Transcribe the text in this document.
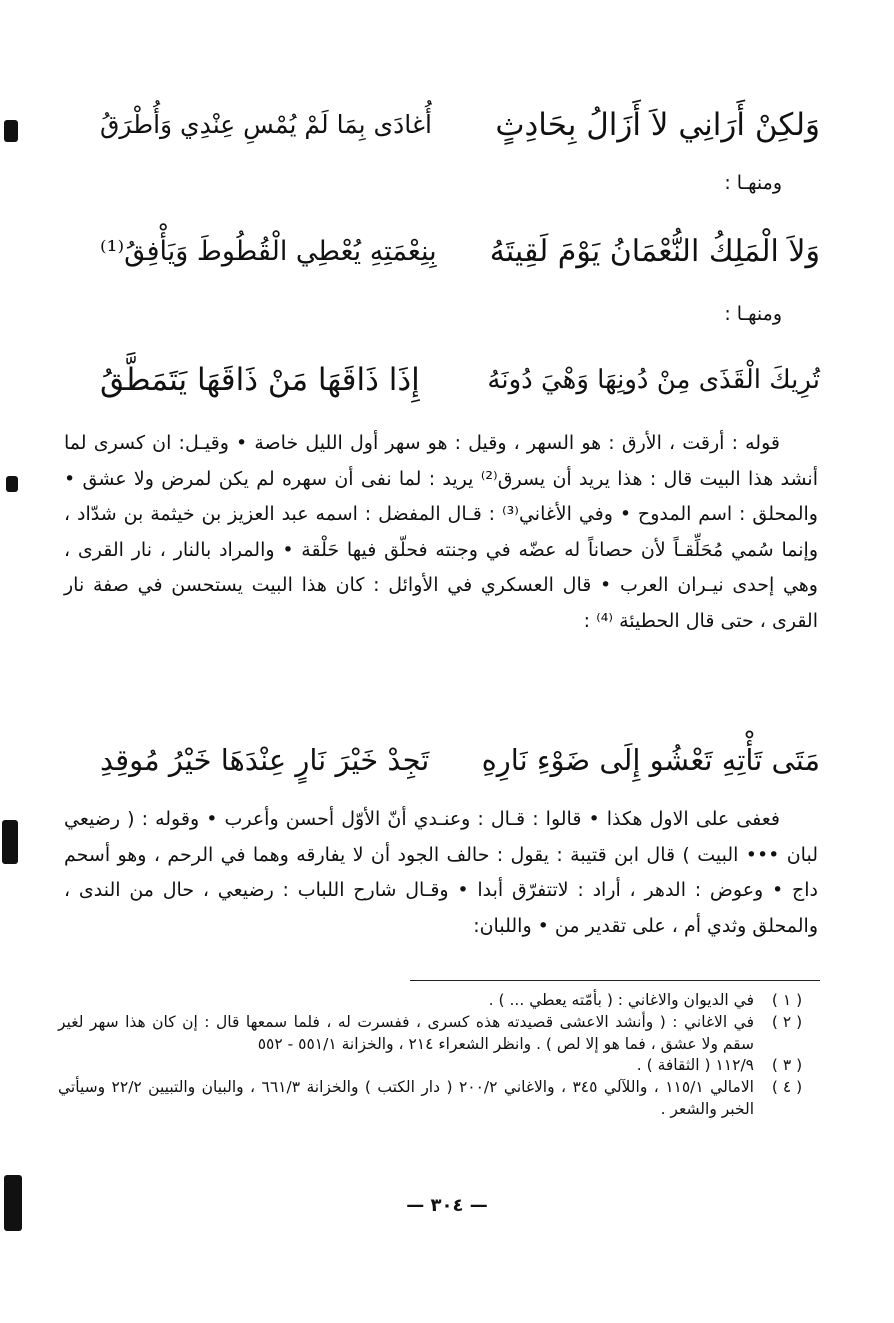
وَلكِنْ أَرَانِي لاَ أَزَالُ بِحَادِثٍ
أُغادَى بِمَا لَمْ يُمْسِ عِنْدِي وَأُطْرَقُ
ومنهـا :
وَلاَ الْمَلِكُ النُّعْمَانُ يَوْمَ لَقِيتَهُ
بِنِعْمَتِهِ يُعْطِي الْقُطُوطَ وَيَأْفِقُ⁽¹⁾
ومنهـا :
تُرِيكَ الْقَذَى مِنْ دُونِهَا وَهْيَ دُونَهُ
إِذَا ذَاقَهَا مَنْ ذَاقَهَا يَتَمَطَّقُ

قوله : أرقت ، الأرق : هو السهر ، وقيل : هو سهر أول الليل خاصة • وقيـل: ان كسرى لما أنشد هذا البيت قال : هذا يريد أن يسرق⁽²⁾ يريد : لما نفى أن سهره لم يكن لمرض ولا عشق • والمحلق : اسم المدوح • وفي الأغاني⁽³⁾ : قـال المفضل : اسمه عبد العزيز بن خيثمة بن شدّاد ، وإنما سُمي مُحَلِّقـاً لأن حصاناً له عضّه في وجنته فحلّق فيها حَلْقة • والمراد بالنار ، نار القرى ، وهي إحدى نيـران العرب • قال العسكري في الأوائل : كان هذا البيت يستحسن في صفة نار القرى ، حتى قال الحطيئة ⁽⁴⁾ :

مَتَى تَأْتِهِ تَعْشُو إِلَى ضَوْءِ نَارِهِ
تَجِدْ خَيْرَ نَارٍ عِنْدَهَا خَيْرُ مُوقِدِ

فعفى على الاول هكذا • قالوا : قـال : وعنـدي أنّ الأوّل أحسن وأعرب • وقوله : ( رضيعي لبان ••• البيت ) قال ابن قتيبة : يقول : حالف الجود أن لا يفارقه وهما في الرحم ، وهو أسحم داج • وعوض : الدهر ، أراد : لاتتفرّق أبدا • وقـال شارح اللباب : رضيعي ، حال من الندى ، والمحلق وثدي أم ، على تقدير من • واللبان:

( ١ )
في الديوان والاغاني : ( بأمّته يعطي ... ) .
( ٢ )
في الاغاني : ( وأنشد الاعشى قصيدته هذه كسرى ، ففسرت له ، فلما سمعها قال : إن كان هذا سهر لغير سقم ولا عشق ، فما هو إلا لص ) . وانظر الشعراء ٢١٤ ، والخزانة ٥٥١/١ - ٥٥٢
( ٣ )
١١٢/٩ ( الثقافة ) .
( ٤ )
الامالي ١١٥/١ ، واللآلي ٣٤٥ ، والاغاني ٢٠٠/٢ ( دار الكتب ) والخزانة ٦٦١/٣ ، والبيان والتبيين ٢٢/٢ وسيأتي الخبر والشعر .
— ٣٠٤ —
